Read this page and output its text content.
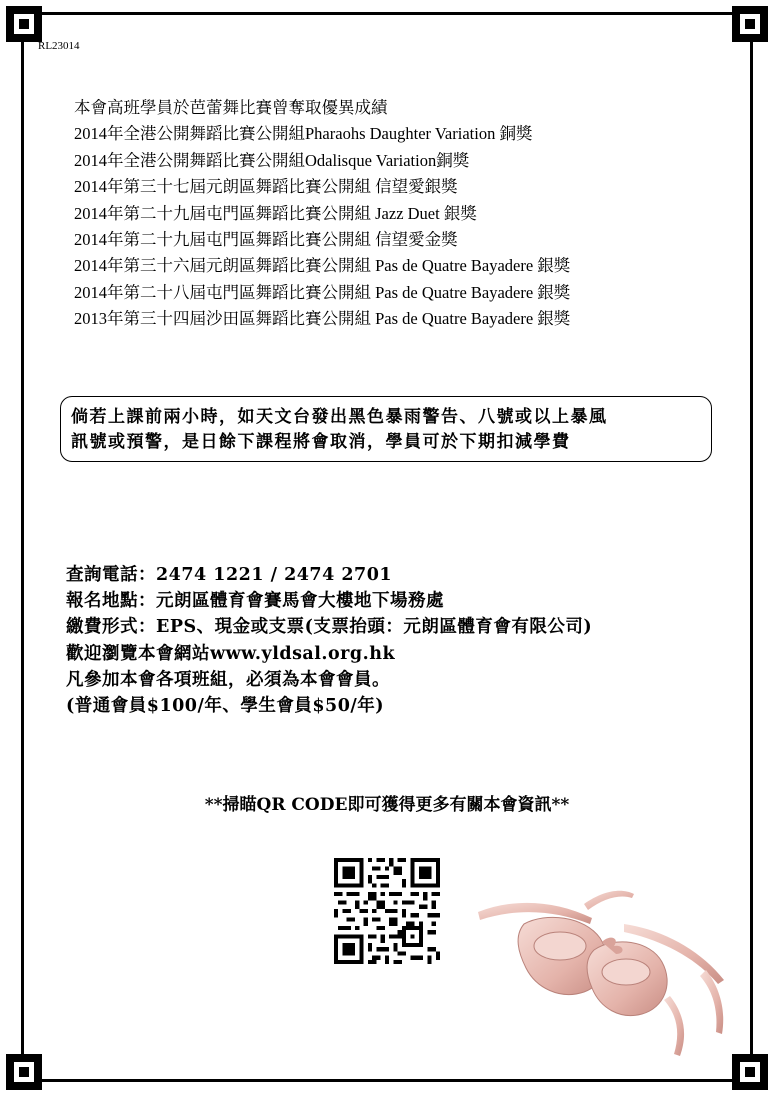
RL23014
本會高班學員於芭蕾舞比賽曾奪取優異成績
2014年全港公開舞蹈比賽公開組Pharaohs Daughter Variation 銅獎
2014年全港公開舞蹈比賽公開組Odalisque Variation銅獎
2014年第三十七屆元朗區舞蹈比賽公開組 信望愛銀獎
2014年第二十九屆屯門區舞蹈比賽公開組 Jazz Duet 銀獎
2014年第二十九屆屯門區舞蹈比賽公開組 信望愛金獎
2014年第三十六屆元朗區舞蹈比賽公開組 Pas de Quatre Bayadere 銀獎
2014年第二十八屆屯門區舞蹈比賽公開組 Pas de Quatre Bayadere 銀獎
2013年第三十四屆沙田區舞蹈比賽公開組 Pas de Quatre Bayadere 銀獎
倘若上課前兩小時，如天文台發出黑色暴雨警告、八號或以上暴風
訊號或預警，是日餘下課程將會取消，學員可於下期扣減學費
查詢電話：2474 1221 / 2474 2701
報名地點：元朗區體育會賽馬會大樓地下場務處
繳費形式：EPS、現金或支票(支票抬頭：元朗區體育會有限公司)
歡迎瀏覽本會網站www.yldsal.org.hk
凡參加本會各項班組，必須為本會會員。
(普通會員$100/年、學生會員$50/年)
**掃瞄QR CODE即可獲得更多有關本會資訊**
